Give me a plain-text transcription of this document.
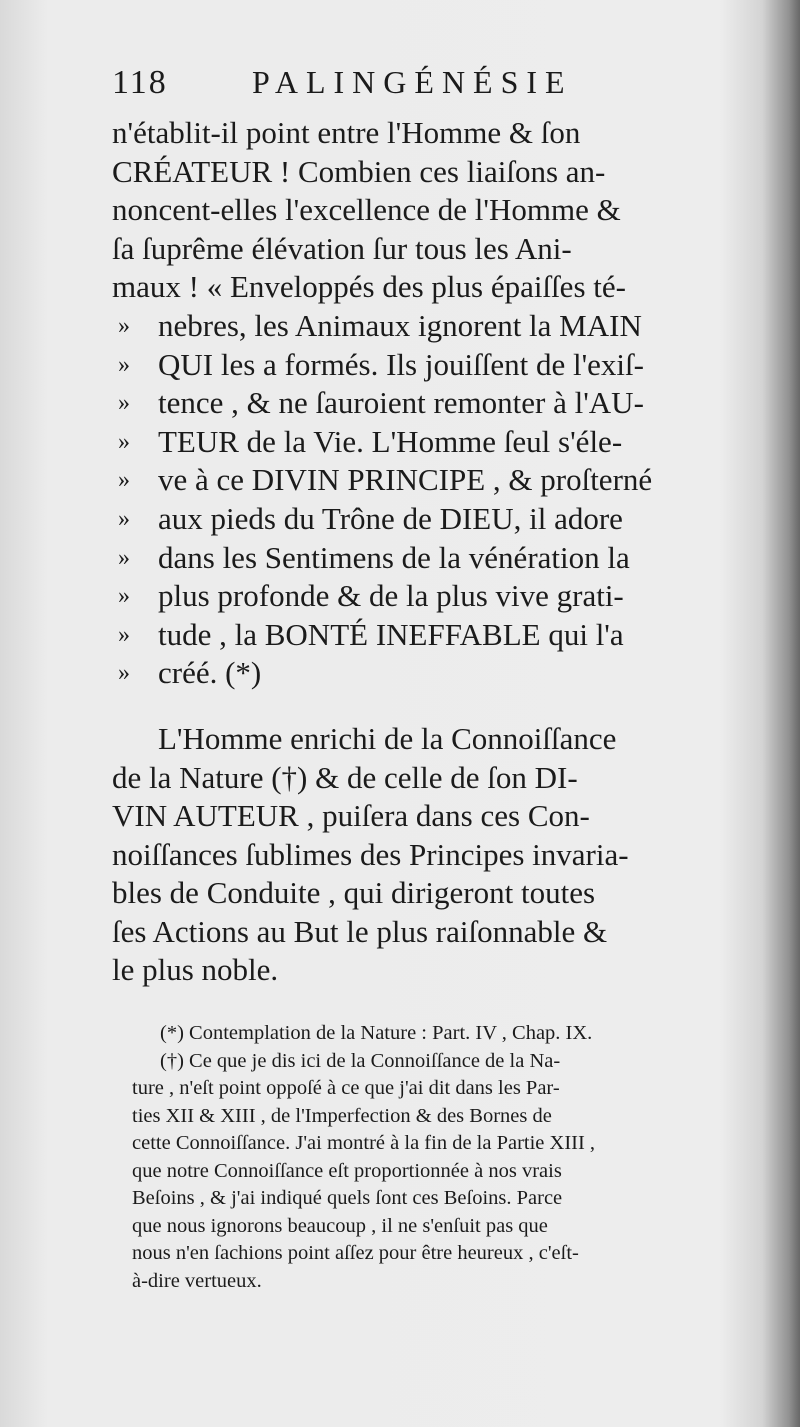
118	PALINGÉNÉSIE
n'établit-il point entre l'Homme & ſon
CRÉATEUR ! Combien ces liaiſons an-
noncent-elles l'excellence de l'Homme &
ſa ſuprême élévation ſur tous les Ani-
maux ! « Enveloppés des plus épaiſſes té-
» nebres, les Animaux ignorent la MAIN
» QUI les a formés. Ils jouiſſent de l'exiſ-
» tence , & ne ſauroient remonter à l'AU-
» TEUR de la Vie. L'Homme ſeul s'éle-
» ve à ce DIVIN PRINCIPE , & proſterné
» aux pieds du Trône de DIEU, il adore
» dans les Sentimens de la vénération la
» plus profonde & de la plus vive grati-
» tude , la BONTÉ INEFFABLE qui l'a
» créé. (*)
L'Homme enrichi de la Connoiſſance
de la Nature (†) & de celle de ſon DI-
VIN AUTEUR , puiſera dans ces Con-
noiſſances ſublimes des Principes invaria-
bles de Conduite , qui dirigeront toutes
ſes Actions au But le plus raiſonnable &
le plus noble.
(*) Contemplation de la Nature : Part. IV , Chap. IX.
(†) Ce que je dis ici de la Connoiſſance de la Na-
ture , n'eſt point oppoſé à ce que j'ai dit dans les Par-
ties XII & XIII , de l'Imperfection & des Bornes de
cette Connoiſſance. J'ai montré à la fin de la Partie XIII ,
que notre Connoiſſance eſt proportionnée à nos vrais
Beſoins , & j'ai indiqué quels ſont ces Beſoins. Parce
que nous ignorons beaucoup , il ne s'enſuit pas que
nous n'en ſachions point aſſez pour être heureux , c'eſt-
à-dire vertueux.
